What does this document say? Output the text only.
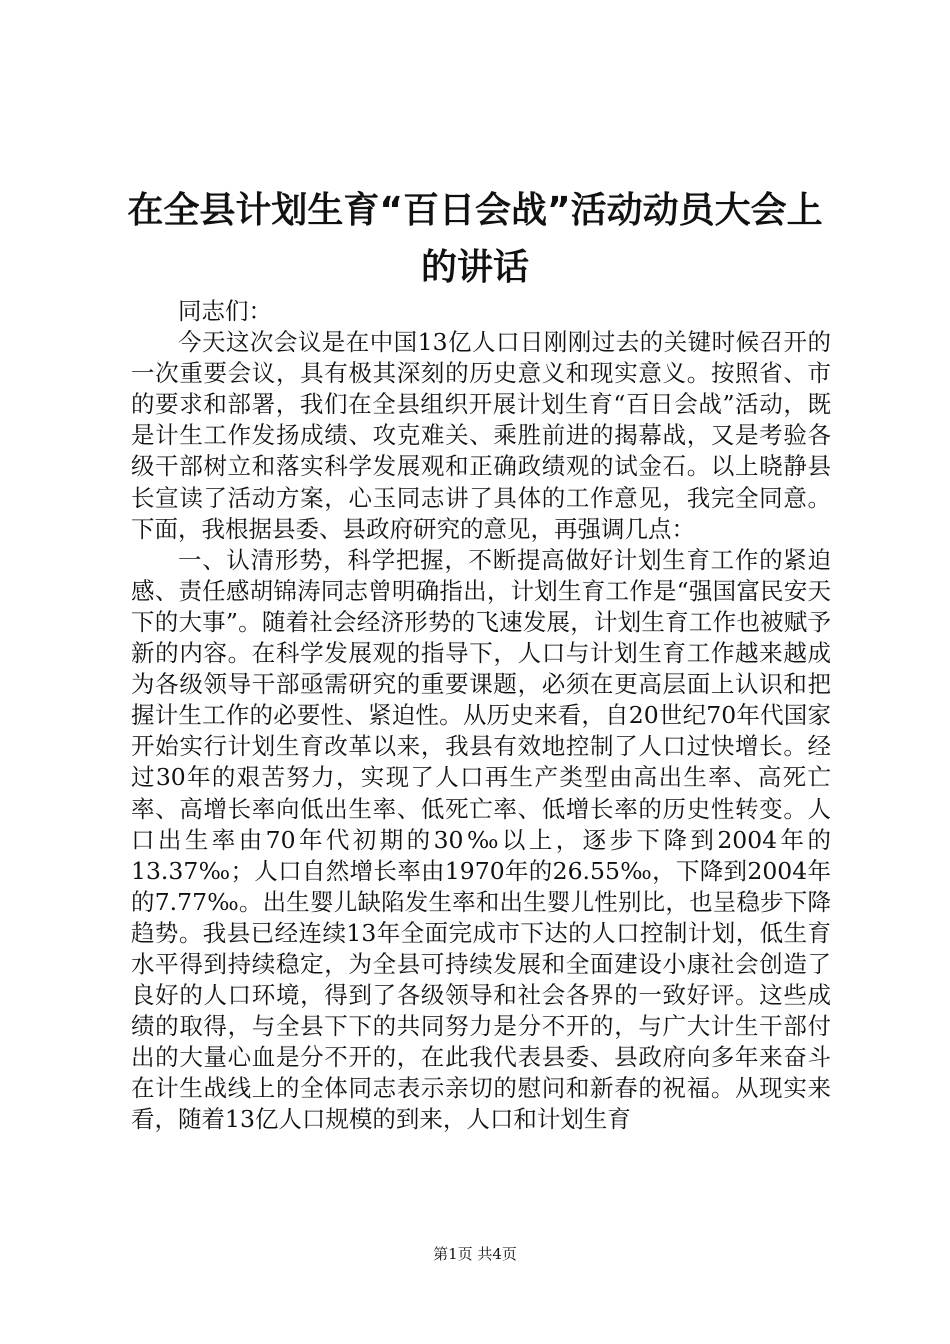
在全县计划生育“百日会战”活动动员大会上
的讲话

同志们：

今天这次会议是在中国13亿人口日刚刚过去的关键时候召开的一次重要会议，具有极其深刻的历史意义和现实意义。按照省、市的要求和部署，我们在全县组织开展计划生育“百日会战”活动，既是计生工作发扬成绩、攻克难关、乘胜前进的揭幕战，又是考验各级干部树立和落实科学发展观和正确政绩观的试金石。以上晓静县长宣读了活动方案，心玉同志讲了具体的工作意见，我完全同意。下面，我根据县委、县政府研究的意见，再强调几点：

一、认清形势，科学把握，不断提高做好计划生育工作的紧迫感、责任感胡锦涛同志曾明确指出，计划生育工作是“强国富民安天下的大事”。随着社会经济形势的飞速发展，计划生育工作也被赋予新的内容。在科学发展观的指导下，人口与计划生育工作越来越成为各级领导干部亟需研究的重要课题，必须在更高层面上认识和把握计生工作的必要性、紧迫性。从历史来看，自20世纪70年代国家开始实行计划生育改革以来，我县有效地控制了人口过快增长。经过30年的艰苦努力，实现了人口再生产类型由高出生率、高死亡率、高增长率向低出生率、低死亡率、低增长率的历史性转变。人口出生率由70年代初期的30‰以上，逐步下降到2004年的13.37‰；人口自然增长率由1970年的26.55‰，下降到2004年的7.77‰。出生婴儿缺陷发生率和出生婴儿性别比，也呈稳步下降趋势。我县已经连续13年全面完成市下达的人口控制计划，低生育水平得到持续稳定，为全县可持续发展和全面建设小康社会创造了良好的人口环境，得到了各级领导和社会各界的一致好评。这些成绩的取得，与全县下下的共同努力是分不开的，与广大计生干部付出的大量心血是分不开的，在此我代表县委、县政府向多年来奋斗在计生战线上的全体同志表示亲切的慰问和新春的祝福。从现实来看，随着13亿人口规模的到来，人口和计划生育

第1页 共4页
